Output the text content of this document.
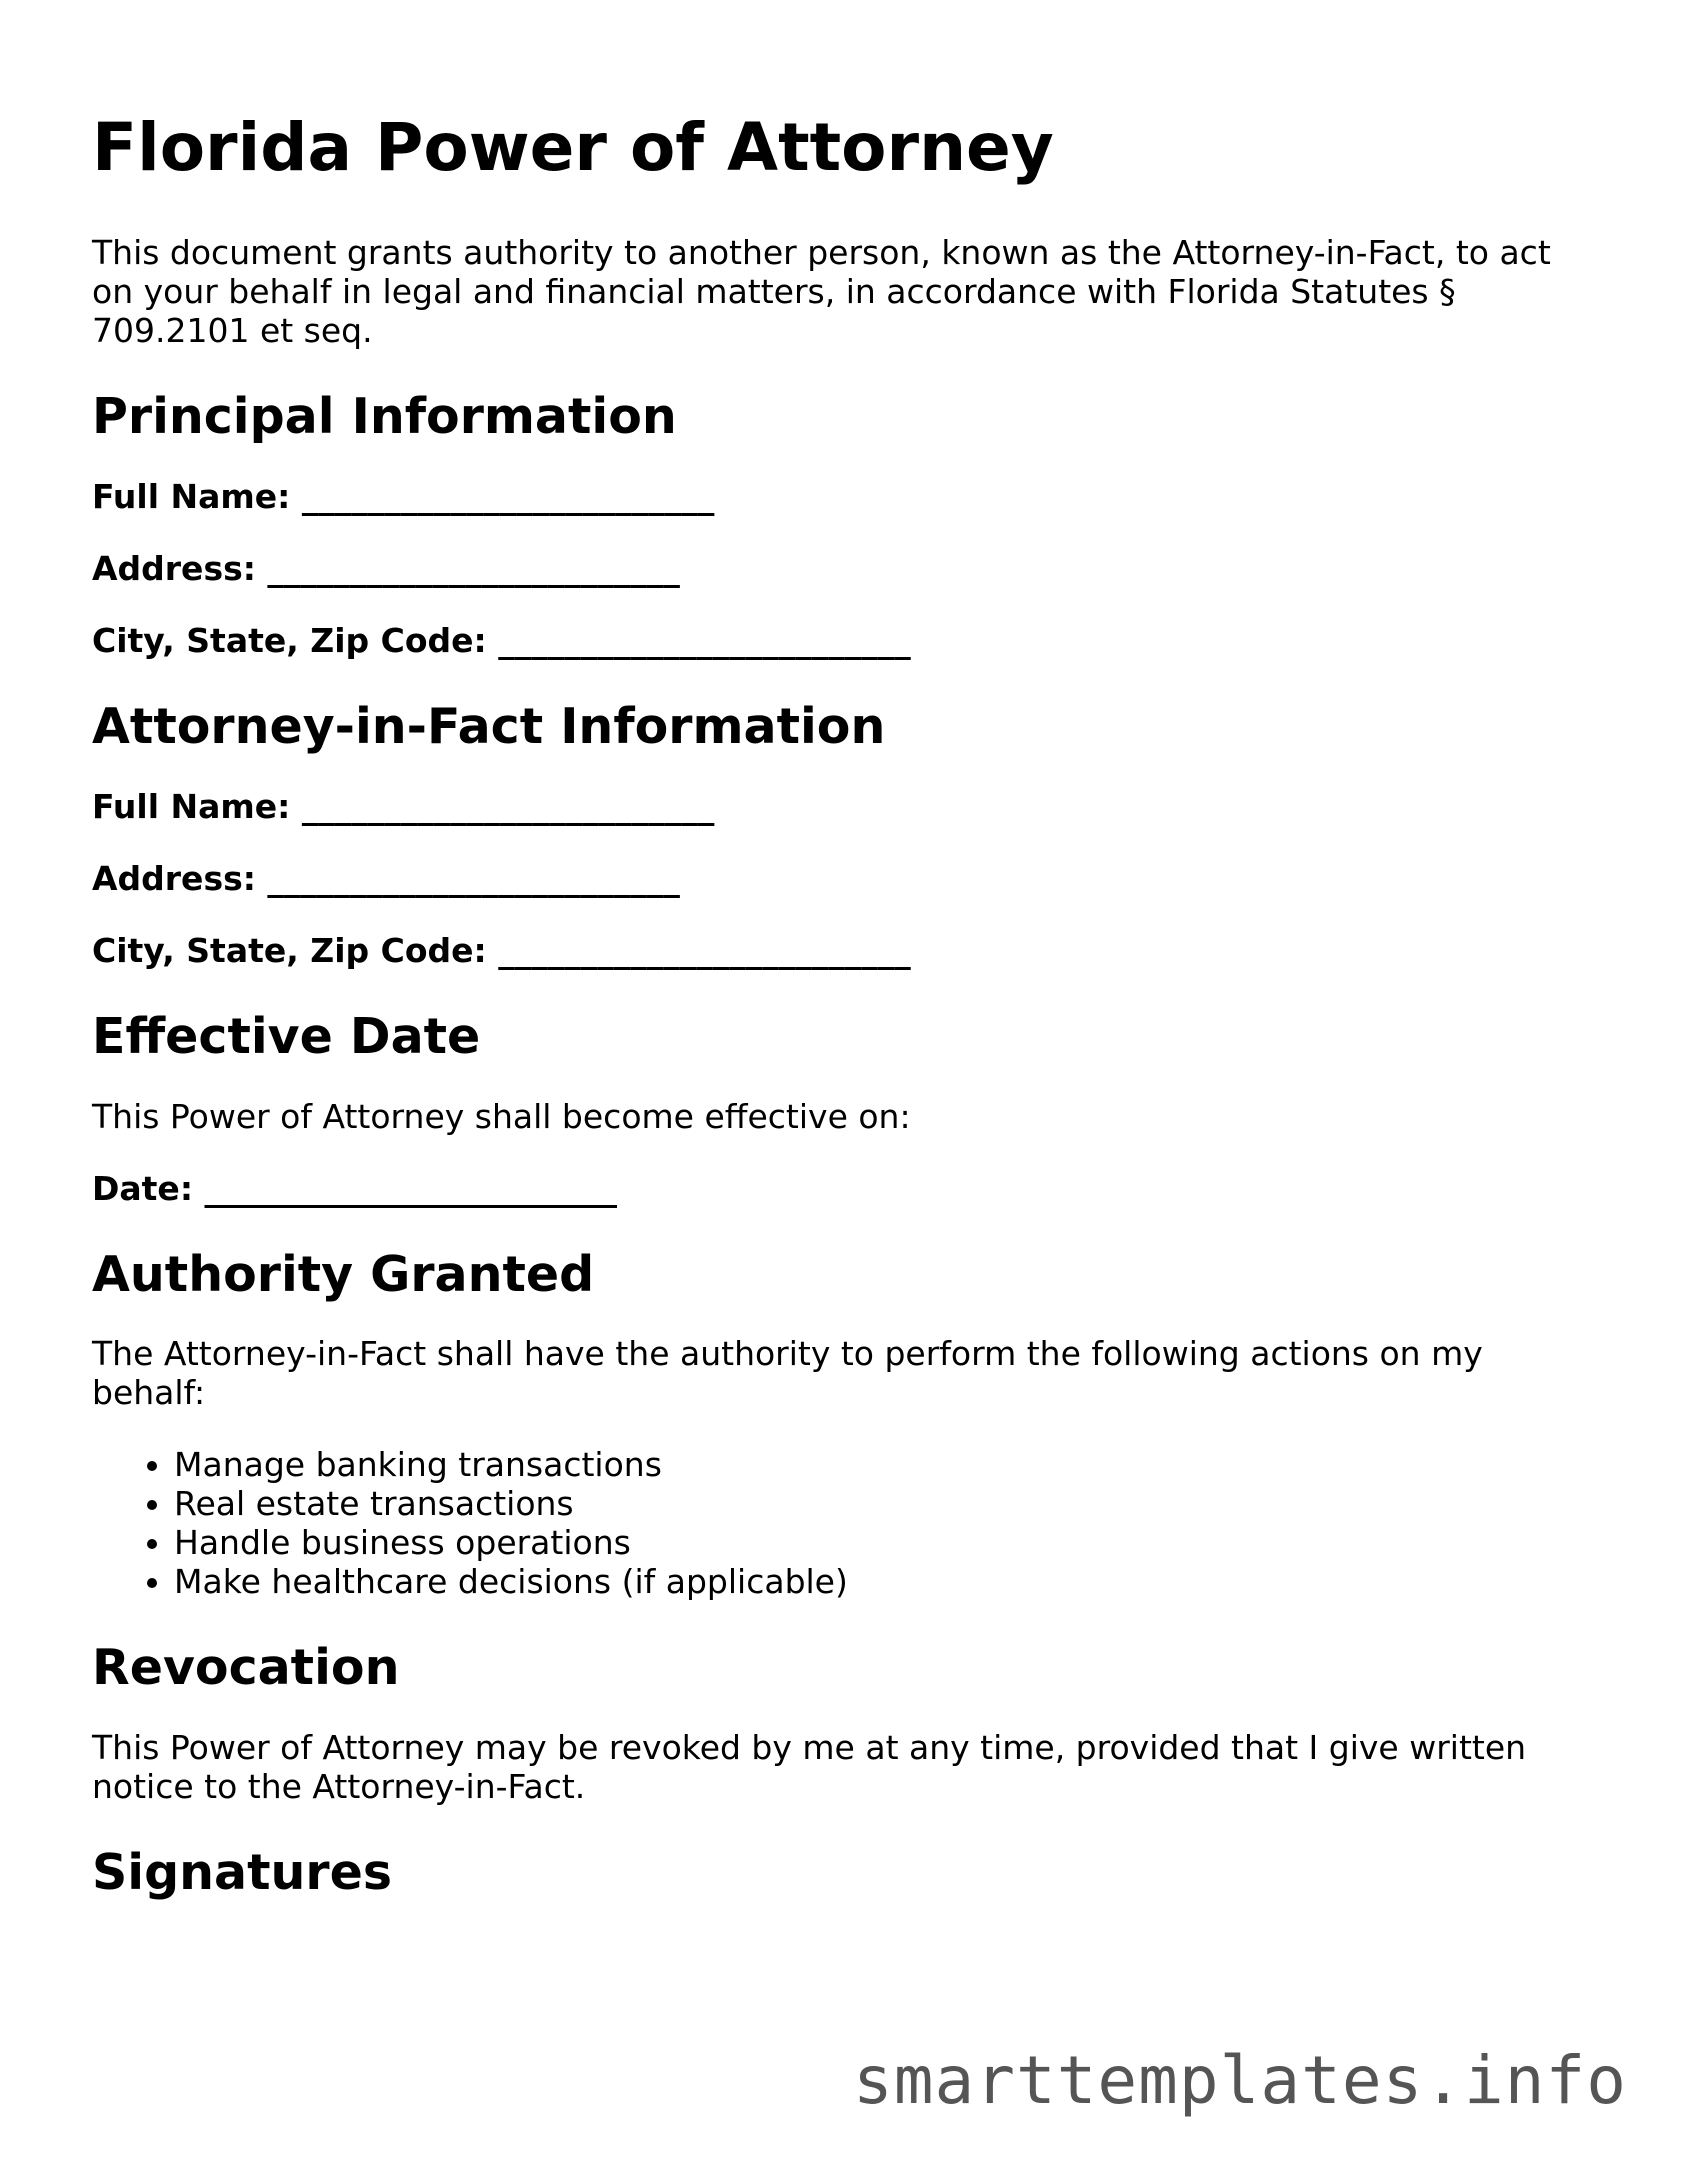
Florida Power of Attorney

This document grants authority to another person, known as the Attorney-in-Fact, to act on your behalf in legal and financial matters, in accordance with Florida Statutes § 709.2101 et seq.

Principal Information
Full Name: _________________________
Address: _________________________
City, State, Zip Code: _________________________
Attorney-in-Fact Information
Full Name: _________________________
Address: _________________________
City, State, Zip Code: _________________________
Effective Date

This Power of Attorney shall become effective on:

Date: _________________________
Authority Granted

The Attorney-in-Fact shall have the authority to perform the following actions on my behalf:

• Manage banking transactions
• Real estate transactions
• Handle business operations
• Make healthcare decisions (if applicable)
Revocation

This Power of Attorney may be revoked by me at any time, provided that I give written notice to the Attorney-in-Fact.

Signatures
smarttemplates.info
